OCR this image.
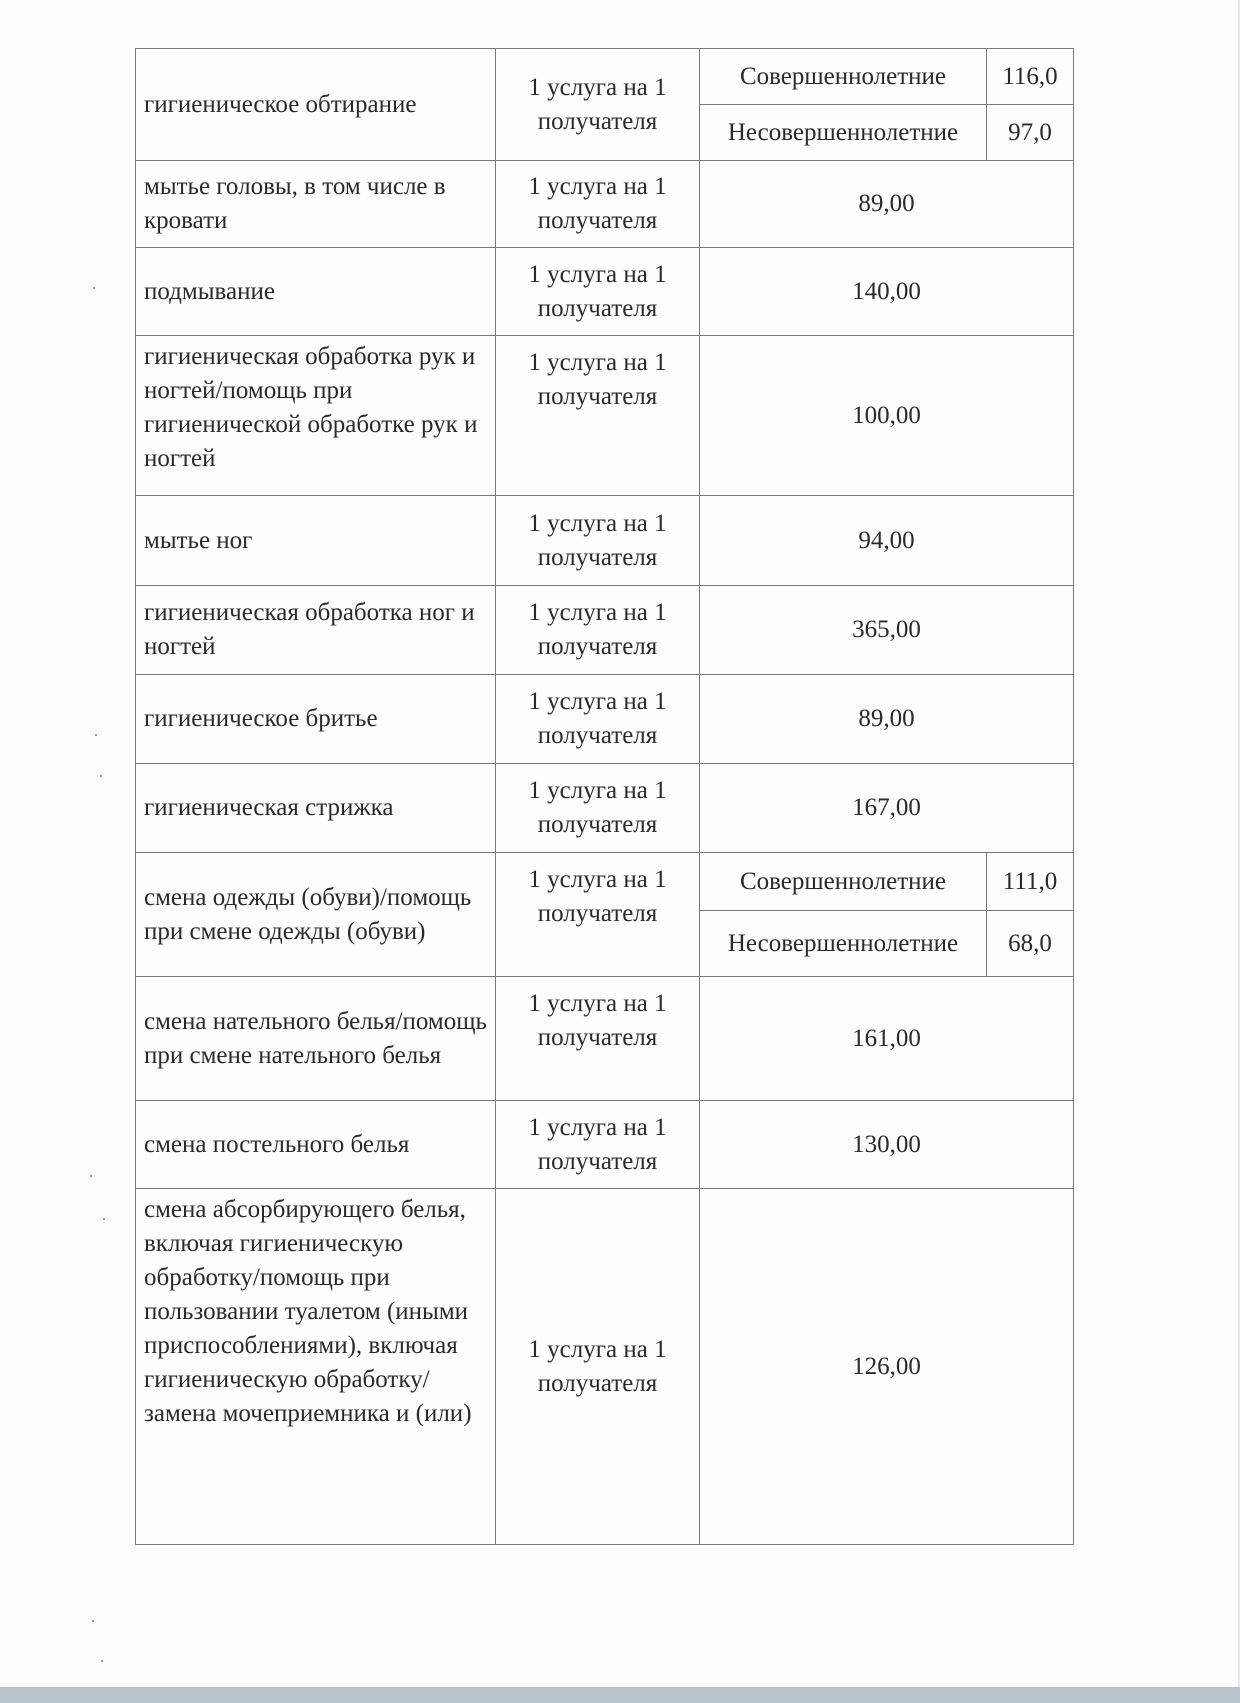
гигиеническое обтирание	1 услуга на 1 получателя	Совершеннолетние	116,0
		Несовершеннолетние	97,0
мытье головы, в том числе в кровати	1 услуга на 1 получателя	89,00	
подмывание	1 услуга на 1 получателя	140,00	
гигиеническая обработка рук и ногтей/помощь при гигиенической обработке рук и ногтей	1 услуга на 1 получателя	100,00	
мытье ног	1 услуга на 1 получателя	94,00	
гигиеническая обработка ног и ногтей	1 услуга на 1 получателя	365,00	
гигиеническое бритье	1 услуга на 1 получателя	89,00	
гигиеническая стрижка	1 услуга на 1 получателя	167,00	
смена одежды (обуви)/помощь при смене одежды (обуви)	1 услуга на 1 получателя	Совершеннолетние	111,0
		Несовершеннолетние	68,0
смена нательного белья/помощь при смене нательного белья	1 услуга на 1 получателя	161,00	
смена постельного белья	1 услуга на 1 получателя	130,00	
смена абсорбирующего белья, включая гигиеническую обработку/помощь при пользовании туалетом (иными приспособлениями), включая гигиеническую обработку/замена мочеприемника и (или)	1 услуга на 1 получателя	126,00	
